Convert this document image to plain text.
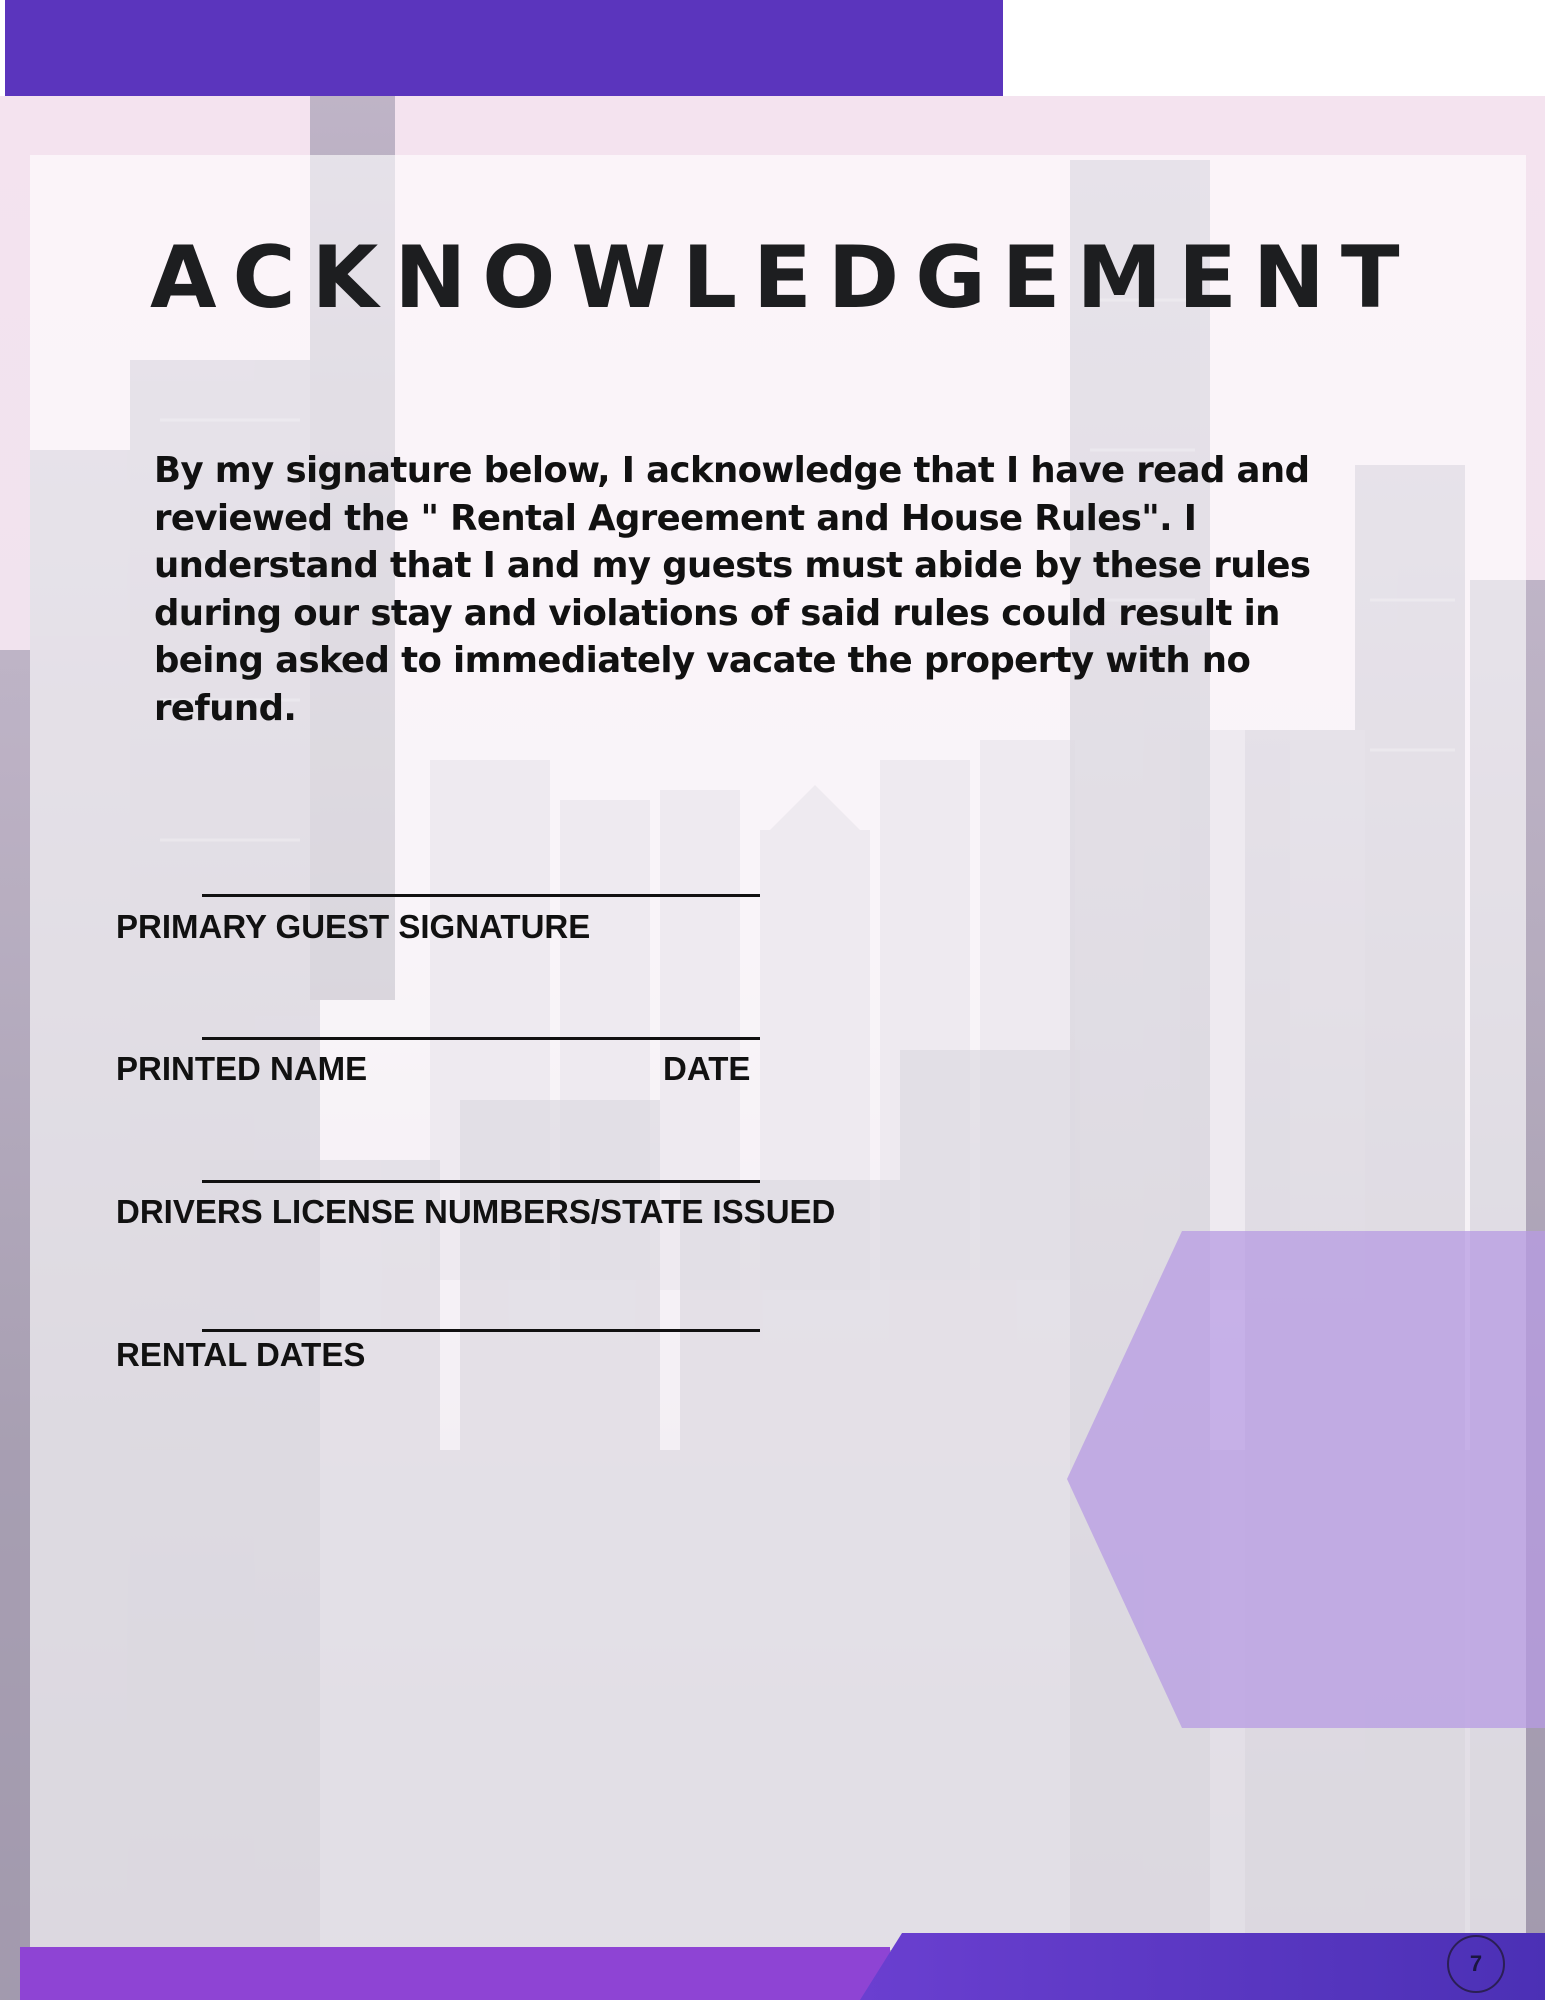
ACKNOWLEDGEMENT

By my signature below, I acknowledge that I have read and reviewed the " Rental Agreement and House Rules". I understand that I and my guests must abide by these rules during our stay and violations of said rules could result in being asked to immediately vacate the property with no refund.

PRIMARY GUEST SIGNATURE

PRINTED NAME	DATE

DRIVERS LICENSE NUMBERS/STATE ISSUED

RENTAL DATES

7
